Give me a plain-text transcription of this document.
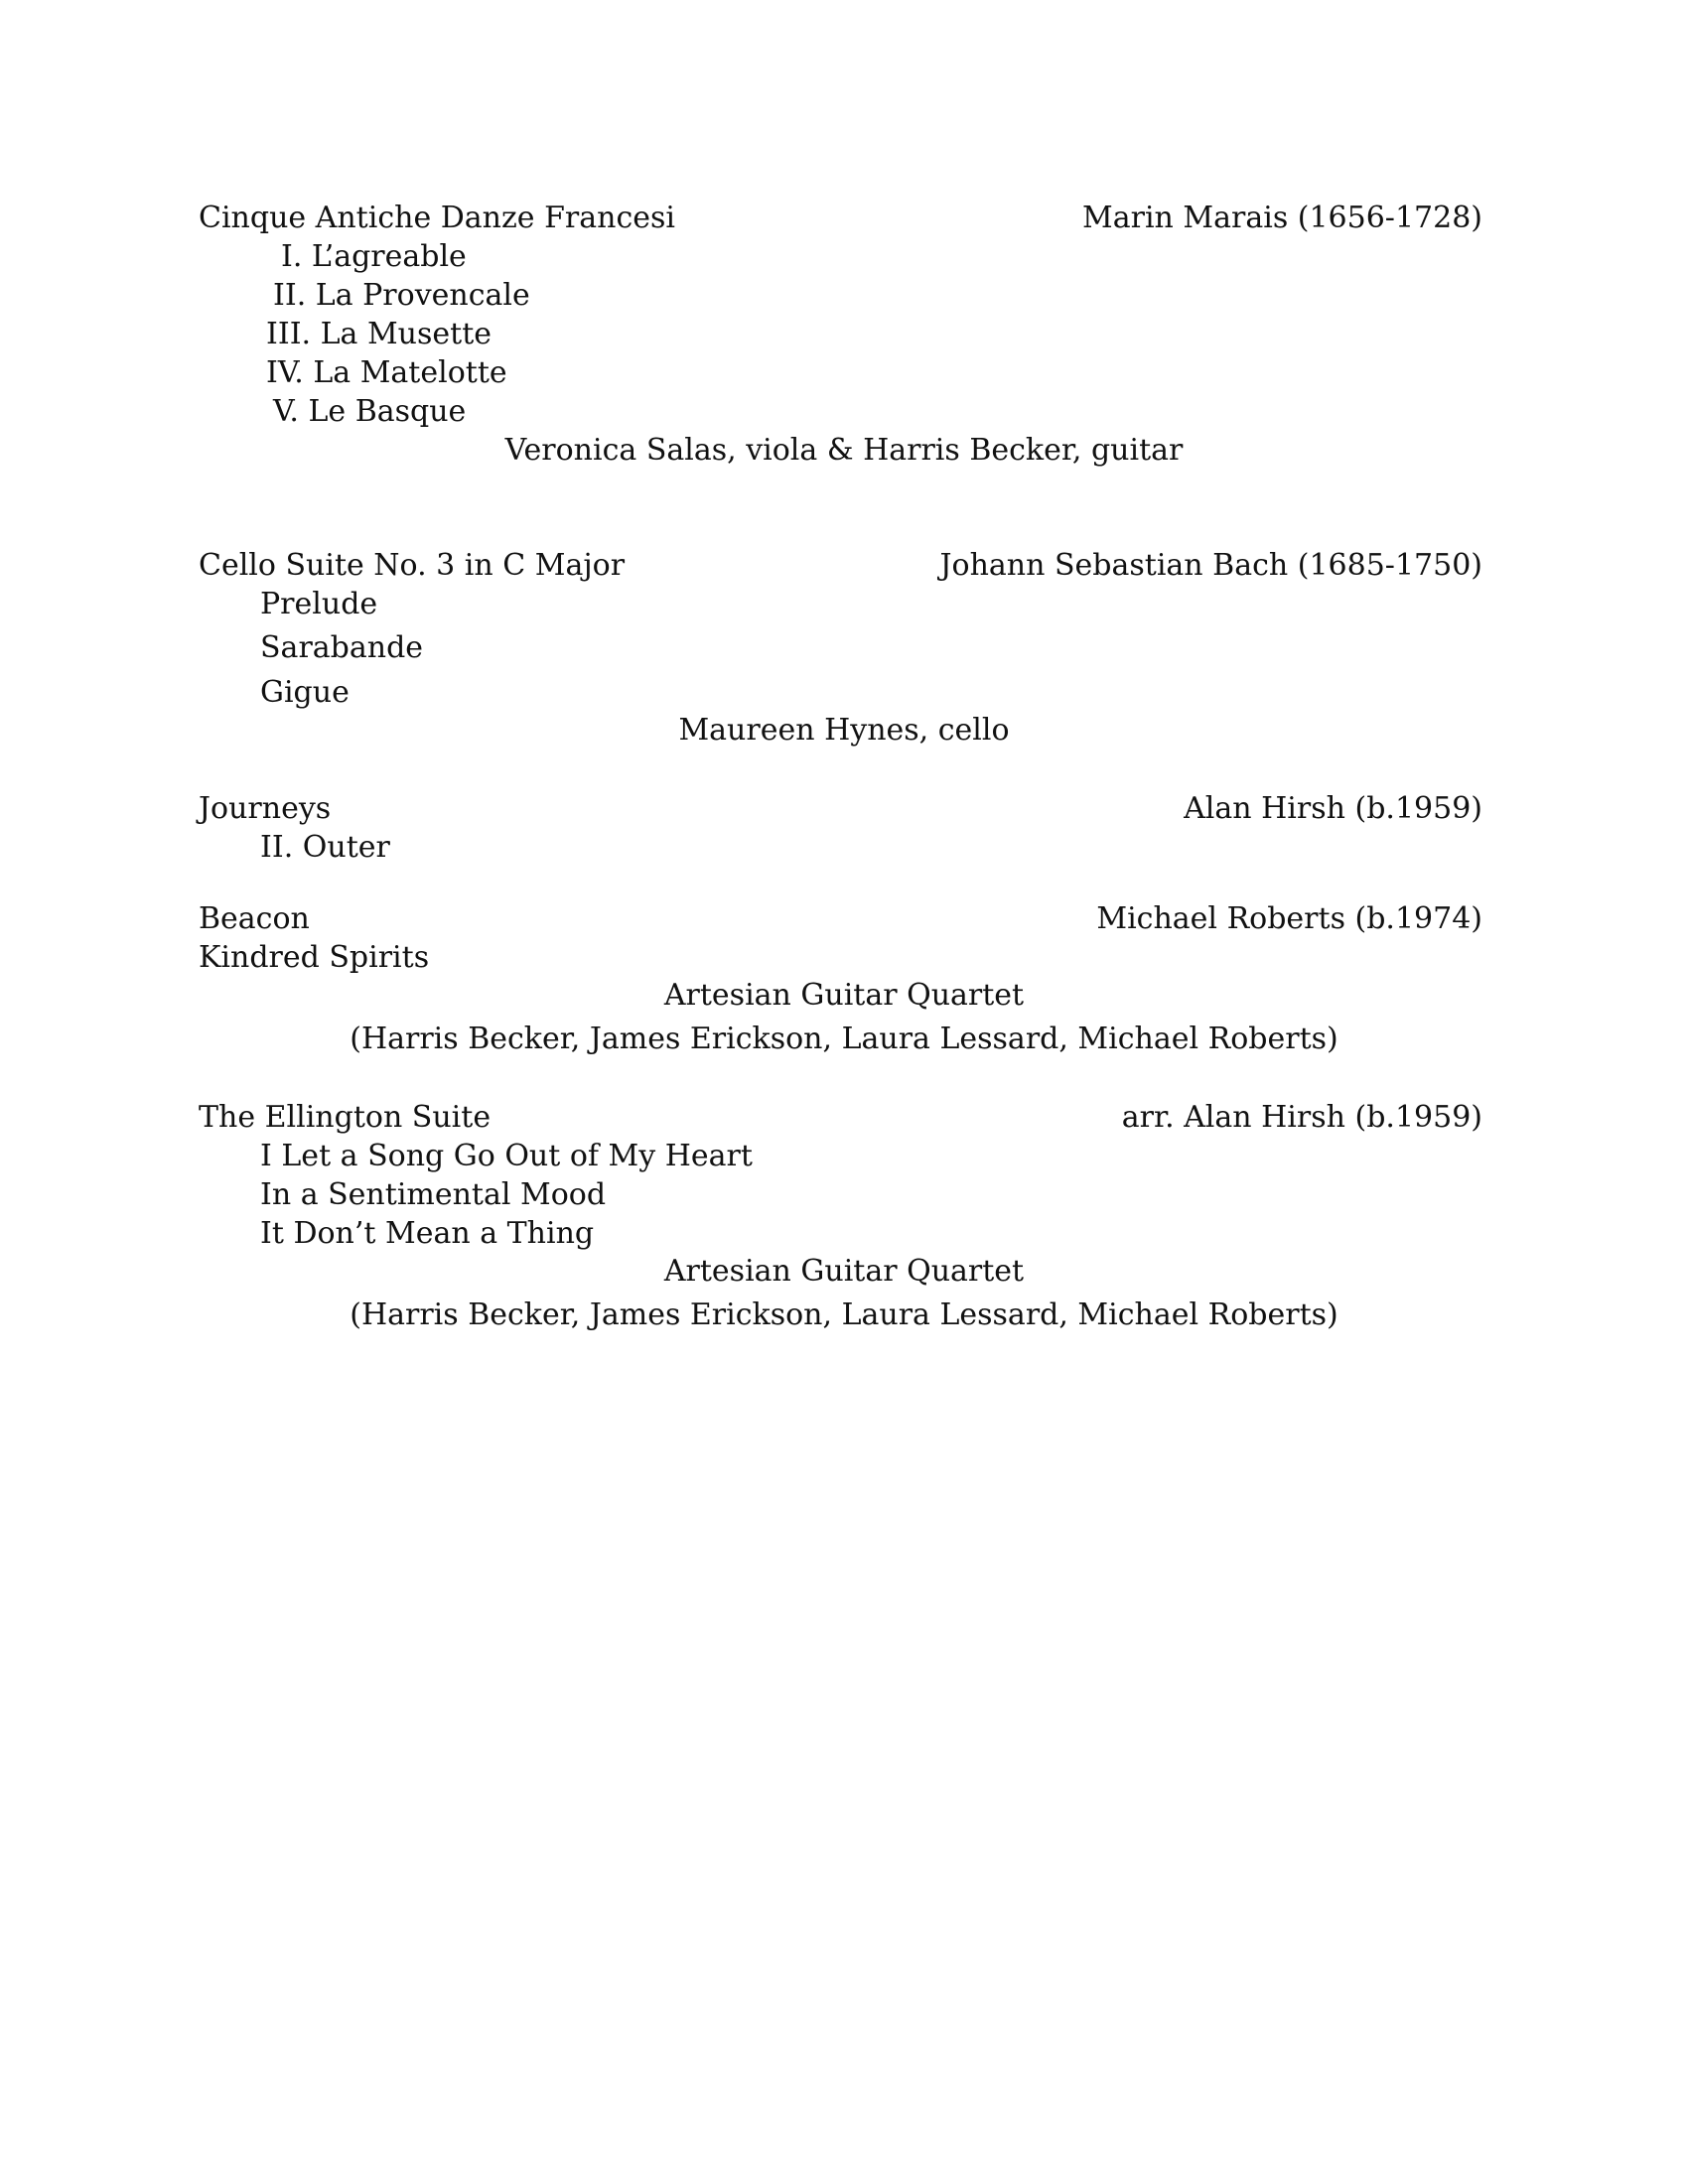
Cinque Antiche Danze Francesi	Marin Marais (1656-1728)
I. L’agreable
II. La Provencale
III. La Musette
IV. La Matelotte
V. Le Basque
Veronica Salas, viola & Harris Becker, guitar
Cello Suite No. 3 in C Major	Johann Sebastian Bach (1685-1750)
Prelude
Sarabande
Gigue
Maureen Hynes, cello
Journeys	Alan Hirsh (b.1959)
II. Outer
Beacon	Michael Roberts (b.1974)
Kindred Spirits
Artesian Guitar Quartet
(Harris Becker, James Erickson, Laura Lessard, Michael Roberts)
The Ellington Suite	arr. Alan Hirsh (b.1959)
I Let a Song Go Out of My Heart
In a Sentimental Mood
It Don’t Mean a Thing
Artesian Guitar Quartet
(Harris Becker, James Erickson, Laura Lessard, Michael Roberts)
